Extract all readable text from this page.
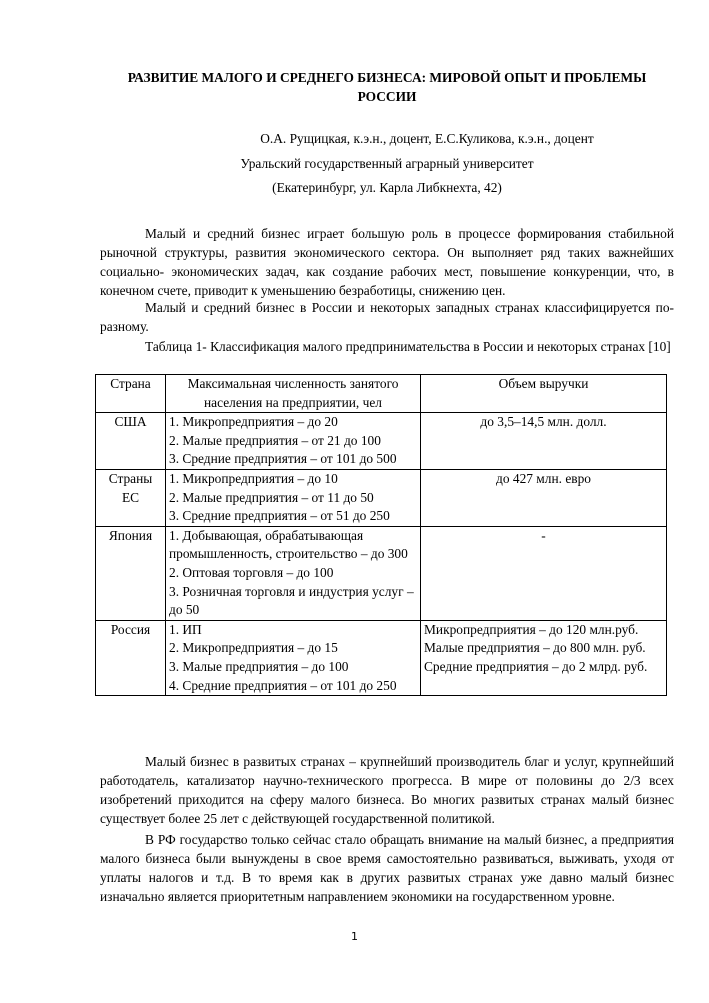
РАЗВИТИЕ МАЛОГО И СРЕДНЕГО БИЗНЕСА: МИРОВОЙ ОПЫТ И ПРОБЛЕМЫ РОССИИ
О.А. Рущицкая, к.э.н., доцент, Е.С.Куликова, к.э.н., доцент
Уральский государственный аграрный университет
(Екатеринбург, ул. Карла Либкнехта, 42)

Малый и средний бизнес играет большую роль в процессе формирования стабильной рыночной структуры, развития экономического сектора. Он выполняет ряд таких важнейших социально- экономических задач, как создание рабочих мест, повышение конкуренции, что, в конечном счете, приводит к уменьшению безработицы, снижению цен.

Малый и средний бизнес в России и некоторых западных странах классифицируется по-разному.

Таблица 1- Классификация малого предпринимательства в России и некоторых странах [10]

Страна	Максимальная численность занятого населения на предприятии, чел	Объем выручки
США	1. Микропредприятия – до 20
2. Малые предприятия – от 21 до 100
3. Средние предприятия – от 101 до 500	до 3,5–14,5 млн. долл.

Страны ЕС	1. Микропредприятия – до 10
2. Малые предприятия – от 11 до 50
3. Средние предприятия – от 51 до 250	до 427 млн. евро

Япония	1. Добывающая, обрабатывающая промышленность, строительство – до 300
2. Оптовая торговля – до 100
3. Розничная торговля и индустрия услуг – до 50	-

Россия	1. ИП
2. Микропредприятия – до 15
3. Малые предприятия – до 100
4. Средние предприятия – от 101 до 250	Микропредприятия – до 120 млн.руб.
Малые предприятия – до 800 млн. руб.
Средние предприятия – до 2 млрд. руб.

Малый бизнес в развитых странах – крупнейший производитель благ и услуг, крупнейший работодатель, катализатор научно-технического прогресса. В мире от половины до 2/3 всех изобретений приходится на сферу малого бизнеса. Во многих развитых странах малый бизнес существует более 25 лет с действующей государственной политикой.

В РФ государство только сейчас стало обращать внимание на малый бизнес, а предприятия малого бизнеса были вынуждены в свое время самостоятельно развиваться, выживать, уходя от уплаты налогов и т.д. В то время как в других развитых странах уже давно малый бизнес изначально является приоритетным направлением экономики на государственном уровне.

1
